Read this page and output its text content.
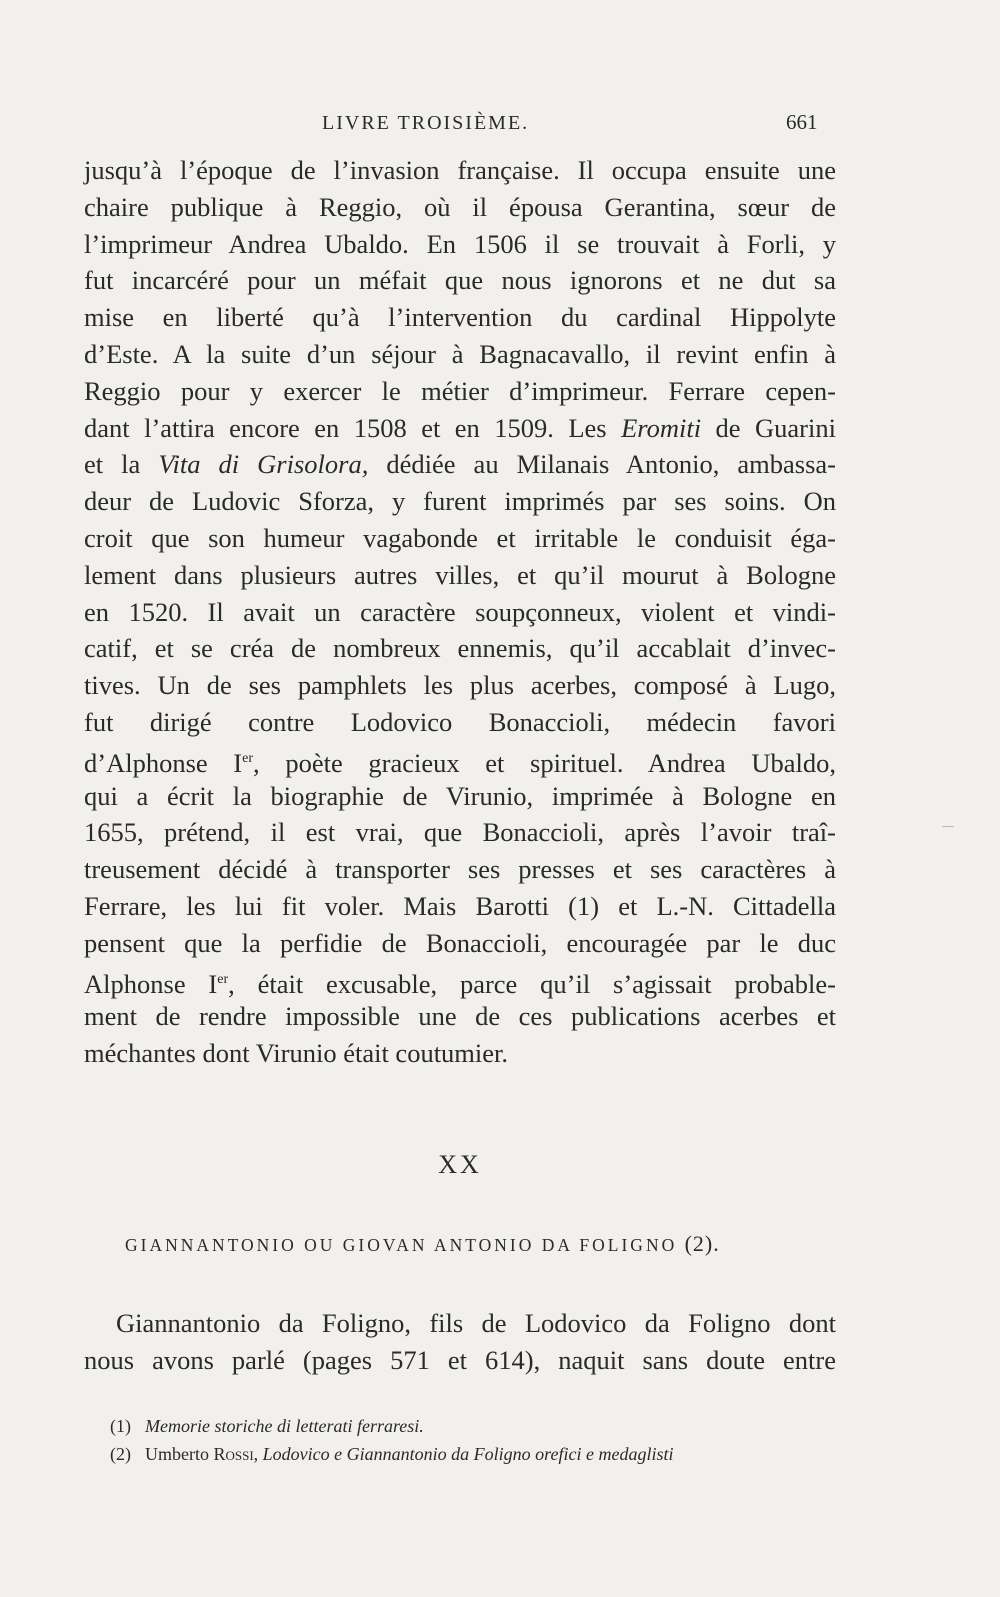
LIVRE TROISIÈME.	661
jusqu’à l’époque de l’invasion française. Il occupa ensuite une
chaire publique à Reggio, où il épousa Gerantina, sœur de
l’imprimeur Andrea Ubaldo. En 1506 il se trouvait à Forli, y
fut incarcéré pour un méfait que nous ignorons et ne dut sa
mise en liberté qu’à l’intervention du cardinal Hippolyte
d’Este. A la suite d’un séjour à Bagnacavallo, il revint enfin à
Reggio pour y exercer le métier d’imprimeur. Ferrare cepen-
dant l’attira encore en 1508 et en 1509. Les Eromiti de Guarini
et la Vita di Grisolora, dédiée au Milanais Antonio, ambassa-
deur de Ludovic Sforza, y furent imprimés par ses soins. On
croit que son humeur vagabonde et irritable le conduisit éga-
lement dans plusieurs autres villes, et qu’il mourut à Bologne
en 1520. Il avait un caractère soupçonneux, violent et vindi-
catif, et se créa de nombreux ennemis, qu’il accablait d’invec-
tives. Un de ses pamphlets les plus acerbes, composé à Lugo,
fut dirigé contre Lodovico Bonaccioli, médecin favori
d’Alphonse Ier, poète gracieux et spirituel. Andrea Ubaldo,
qui a écrit la biographie de Virunio, imprimée à Bologne en
1655, prétend, il est vrai, que Bonaccioli, après l’avoir traî-
treusement décidé à transporter ses presses et ses caractères à
Ferrare, les lui fit voler. Mais Barotti (1) et L.-N. Cittadella
pensent que la perfidie de Bonaccioli, encouragée par le duc
Alphonse Ier, était excusable, parce qu’il s’agissait probable-
ment de rendre impossible une de ces publications acerbes et
méchantes dont Virunio était coutumier.
XX
GIANNANTONIO OU GIOVAN ANTONIO DA FOLIGNO (2).
Giannantonio da Foligno, fils de Lodovico da Foligno dont
nous avons parlé (pages 571 et 614), naquit sans doute entre
(1) Memorie storiche di letterati ferraresi.
(2) Umberto Rossi, Lodovico e Giannantonio da Foligno orefici e medaglisti
